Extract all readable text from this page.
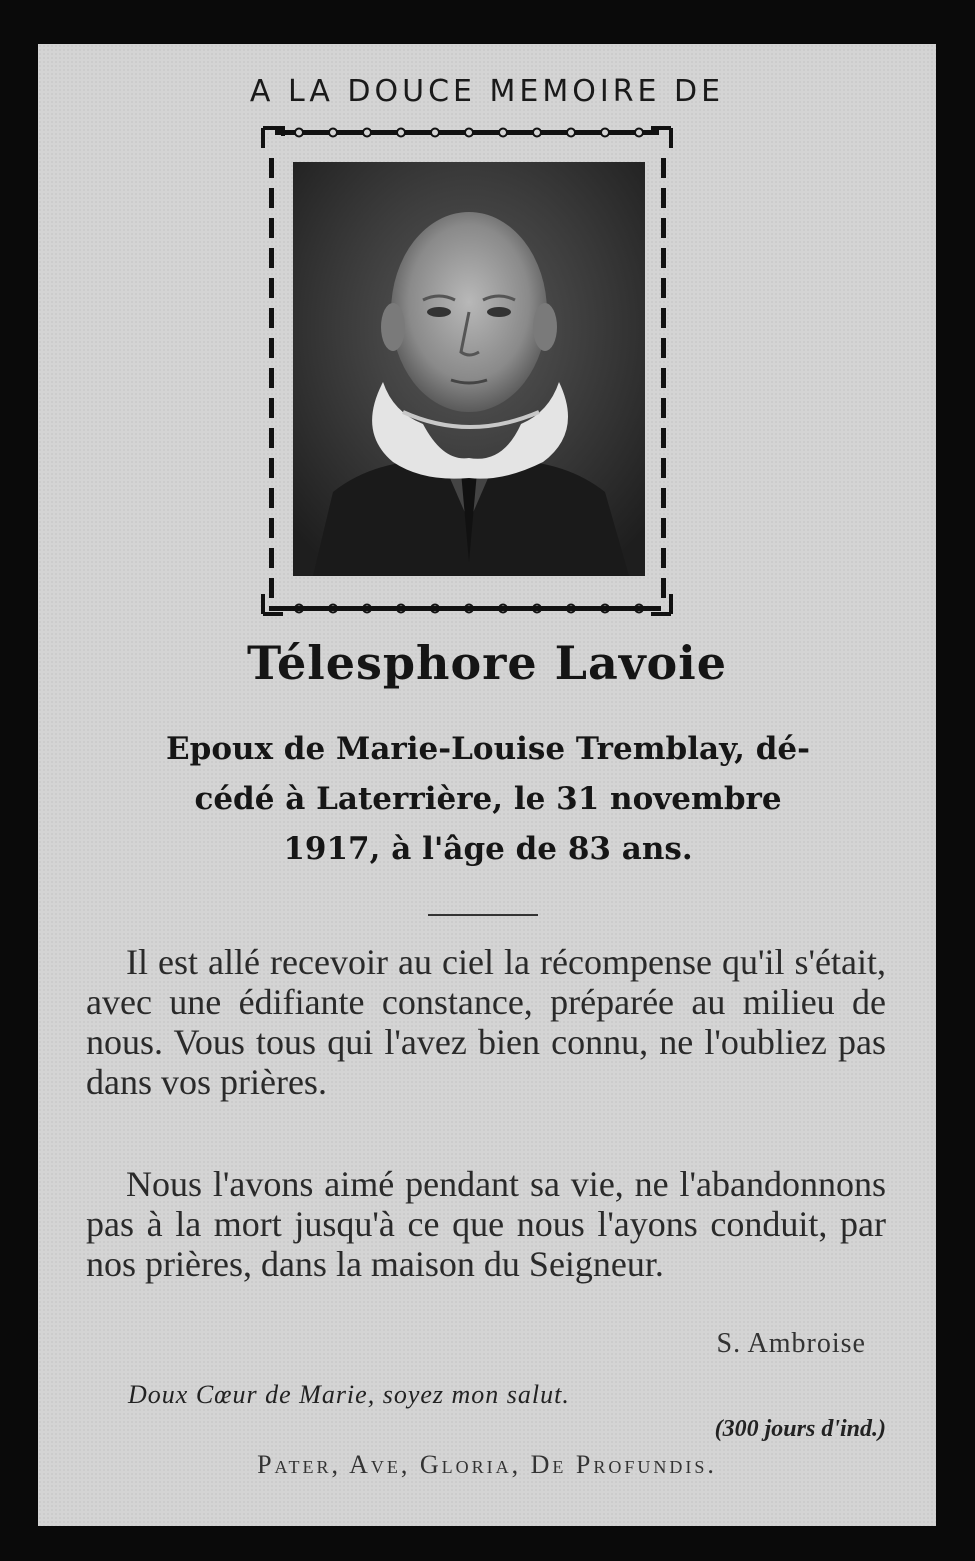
A LA DOUCE MEMOIRE DE
Télesphore Lavoie
Epoux de Marie-Louise Tremblay, dé-
cédé à Laterrière, le 31 novembre
1917, à l'âge de 83 ans.
Il est allé recevoir au ciel la récompense qu'il s'était, avec une édifiante constance, préparée au milieu de nous. Vous tous qui l'avez bien connu, ne l'oubliez pas dans vos prières.
Nous l'avons aimé pendant sa vie, ne l'abandonnons pas à la mort jusqu'à ce que nous l'ayons conduit, par nos prières, dans la maison du Seigneur.
S. Ambroise
Doux Cœur de Marie, soyez mon salut.
(300 jours d'ind.)
Pater, Ave, Gloria, De Profundis.
